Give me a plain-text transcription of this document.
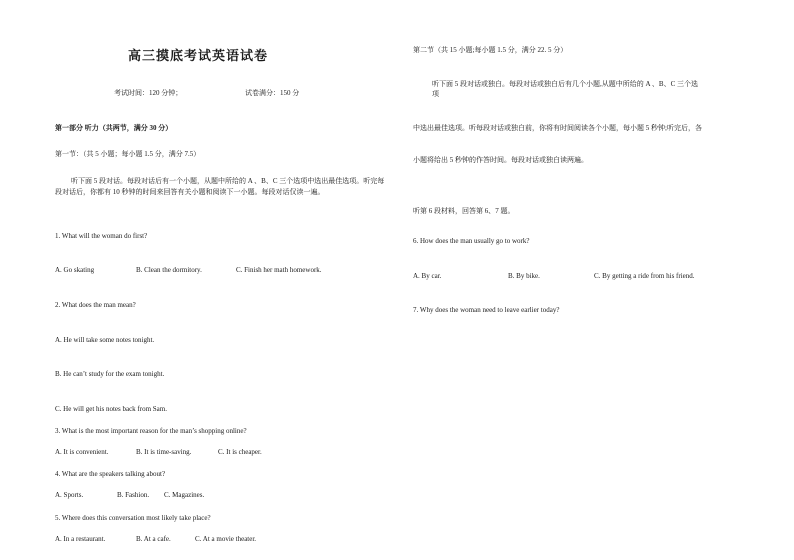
高三摸底考试英语试卷
考试时间：120 分钟；	试卷满分：150 分
第一部分 听力（共两节，满分 30 分）
第一节：（共 5 小题；每小题 1.5 分，满分 7.5）
听下面 5 段对话。每段对话后有一个小题，从题中所给的 A 、B、C 三个选项中选出最佳选项。听完每段对话后，你都有 10 秒钟的时间来回答有关小题和阅读下一小题。每段对话仅读一遍。
1. What will the woman do first?
A. Go skating	B. Clean the dormitory.	C. Finish her math homework.
2. What does the man mean?
A. He will take some notes tonight.
B. He can’t study for the exam tonight.
C. He will get his notes back from Sam.
3. What is the most important reason for the man’s shopping online?
A. It is convenient.	B. It is time-saving.	C. It is cheaper.
4. What are the speakers talking about?
A. Sports.	B. Fashion. C. Magazines.
5. Where does this conversation most likely take place?
A. In a restaurant.	B. At a cafe.	C. At a movie theater.
第二节（共 15 小题;每小题 1.5 分，满分 22. 5 分）
听下面 5 段对话或独白。每段对话或独白后有几个小题,从题中所给的 A 、B、C 三个选
项
中选出最佳选项。听每段对话或独白前，你将有时间阅读各个小题，每小题 5 秒钟;听完后，各
小题将给出 5 秒钟的作答时间。每段对话或独白读两遍。
听第 6 段材料，回答第 6、7 题。
6. How does the man usually go to work?
A. By car.	B. By bike.	C. By getting a ride from his friend.
7. Why does the woman need to leave earlier today?
